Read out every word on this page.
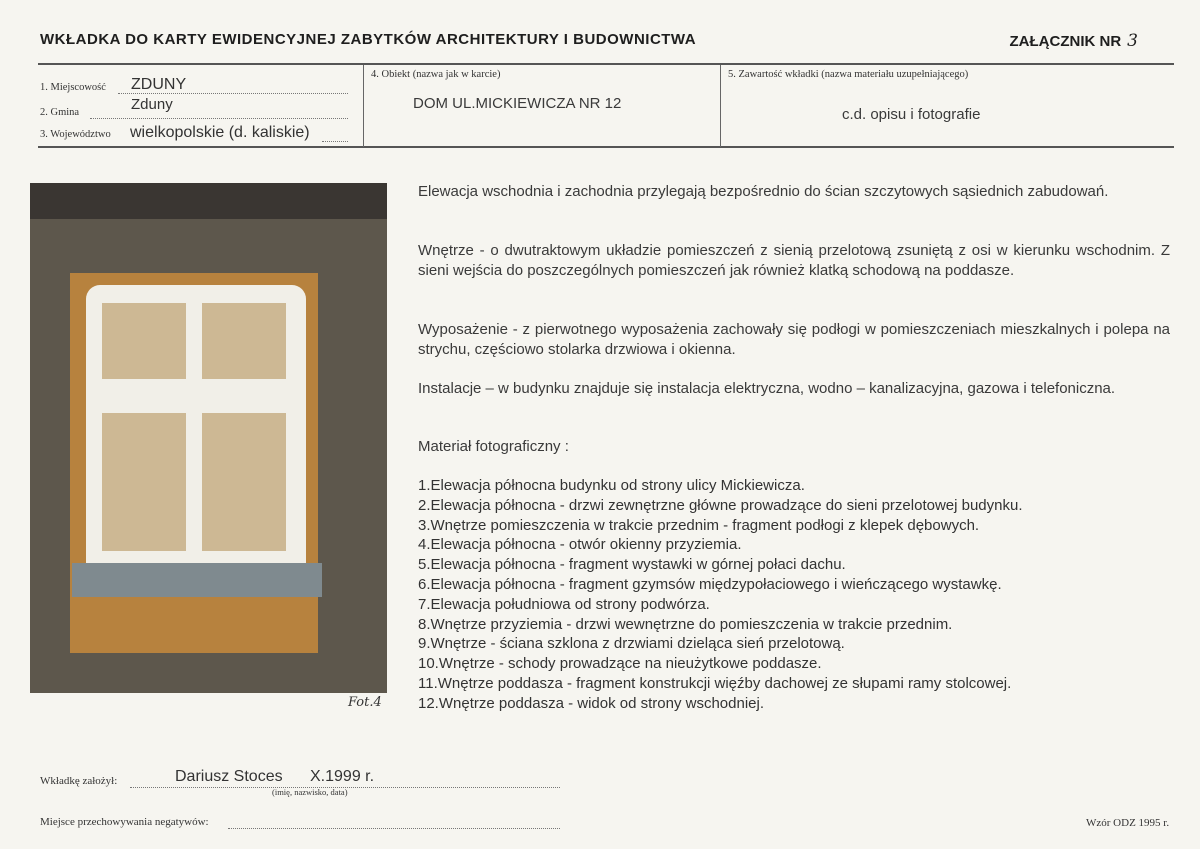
WKŁADKA DO KARTY EWIDENCYJNEJ ZABYTKÓW ARCHITEKTURY I BUDOWNICTWA	ZAŁĄCZNIK NR 3
1. Miejscowość ZDUNY
2. Gmina	Zduny
3. Województwo wielkopolskie (d. kaliskie)
4. Obiekt (nazwa jak w karcie)
DOM UL.MICKIEWICZA NR 12
5. Zawartość wkładki (nazwa materiału uzupełniającego)
c.d. opisu i fotografie
Fot.4
Elewacja wschodnia i zachodnia przylegają bezpośrednio do ścian szczytowych sąsiednich zabudowań.
Wnętrze - o dwutraktowym układzie pomieszczeń z sienią przelotową zsuniętą z osi w kierunku wschodnim. Z sieni wejścia do poszczególnych pomieszczeń jak również klatką schodową na poddasze.
Wyposażenie - z pierwotnego wyposażenia zachowały się podłogi w pomieszczeniach mieszkalnych i polepa na strychu, częściowo stolarka drzwiowa i okienna.
Instalacje – w budynku znajduje się instalacja elektryczna, wodno – kanalizacyjna, gazowa i telefoniczna.
Materiał fotograficzny :
1.Elewacja północna budynku od strony ulicy Mickiewicza.
2.Elewacja północna - drzwi zewnętrzne główne prowadzące do sieni przelotowej budynku.
3.Wnętrze pomieszczenia w trakcie przednim - fragment podłogi z klepek dębowych.
4.Elewacja północna - otwór okienny przyziemia.
5.Elewacja północna - fragment wystawki w górnej połaci dachu.
6.Elewacja północna - fragment gzymsów międzypołaciowego i wieńczącego wystawkę.
7.Elewacja południowa od strony podwórza.
8.Wnętrze przyziemia - drzwi wewnętrzne do pomieszczenia w trakcie przednim.
9.Wnętrze - ściana szklona z drzwiami dzieląca sień przelotową.
10.Wnętrze - schody prowadzące na nieużytkowe poddasze.
11.Wnętrze poddasza - fragment konstrukcji więźby dachowej ze słupami ramy stolcowej.
12.Wnętrze poddasza - widok od strony wschodniej.
Wkładkę założył:	Dariusz Stoces X.1999 r.
(imię, nazwisko, data)
Miejsce przechowywania negatywów:	Wzór ODZ 1995 r.
